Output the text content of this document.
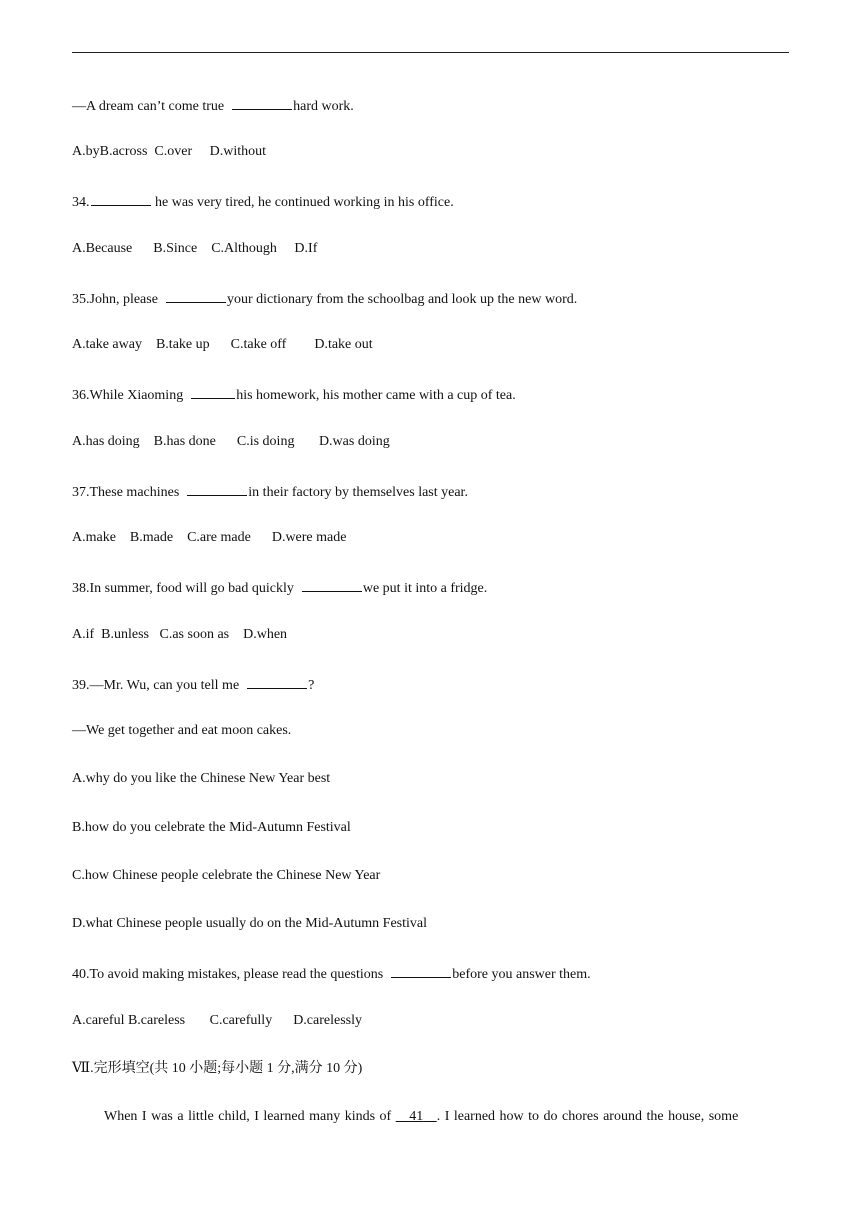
—A dream can’t come true	hard work.
A.byB.across  C.over     D.without
34.	he was very tired, he continued working in his office.
A.Because      B.Since    C.Although     D.If
35.John, please	your dictionary from the schoolbag and look up the new word.
A.take away    B.take up      C.take off        D.take out
36.While Xiaoming	his homework, his mother came with a cup of tea.
A.has doing    B.has done      C.is doing       D.was doing
37.These machines	in their factory by themselves last year.
A.make    B.made    C.are made      D.were made
38.In summer, food will go bad quickly	we put it into a fridge.
A.if  B.unless   C.as soon as    D.when
39.—Mr. Wu, can you tell me	?
—We get together and eat moon cakes.
A.why do you like the Chinese New Year best
B.how do you celebrate the Mid-Autumn Festival
C.how Chinese people celebrate the Chinese New Year
D.what Chinese people usually do on the Mid-Autumn Festival
40.To avoid making mistakes, please read the questions	before you answer them.
A.careful B.careless       C.carefully      D.carelessly
Ⅶ.完形填空(共 10 小题;每小题 1 分,满分 10 分)
When I was a little child, I learned many kinds of 41 . I learned how to do chores around the house, some
